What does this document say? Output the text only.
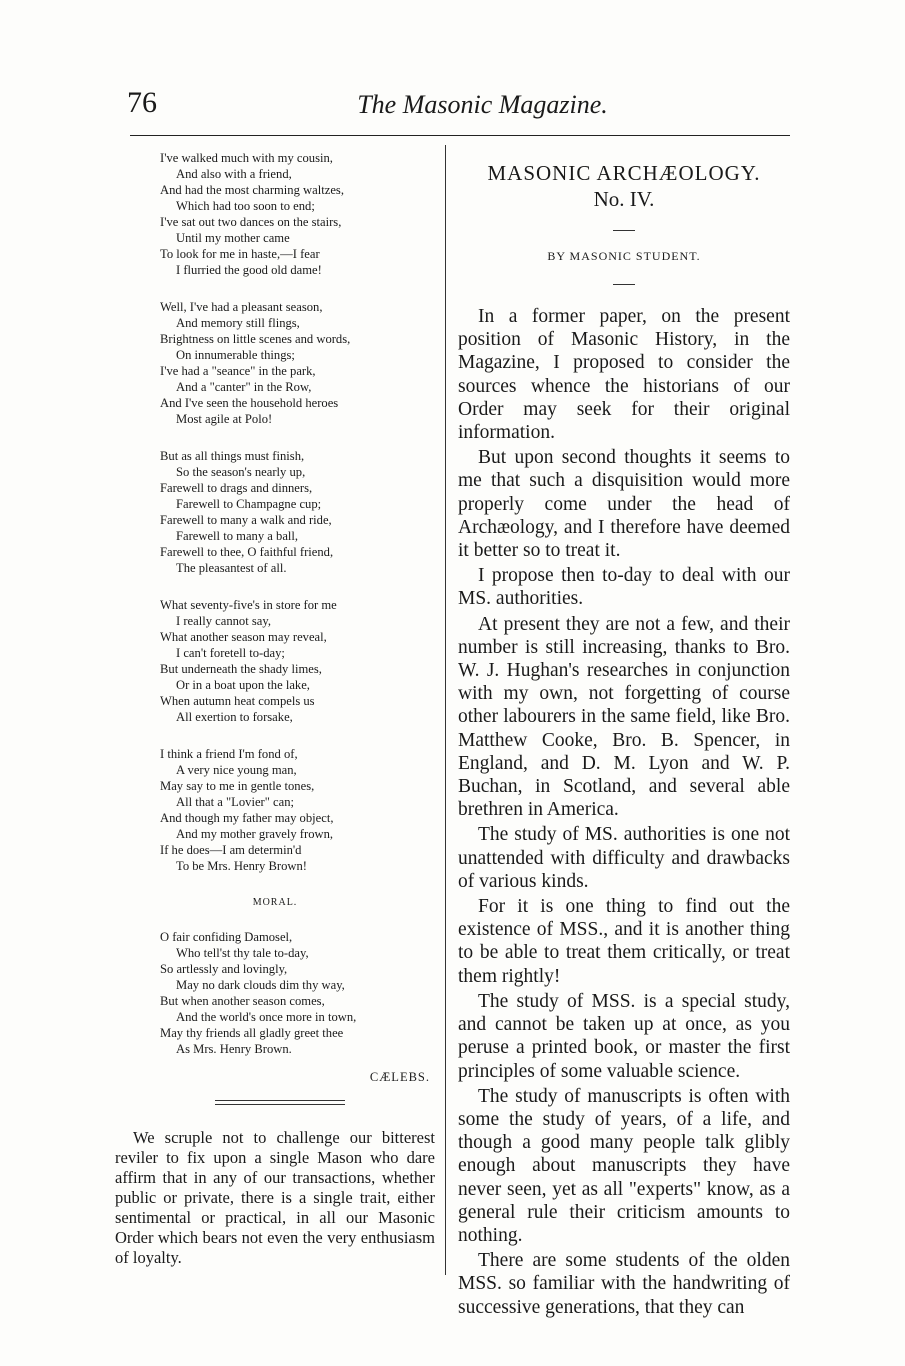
76	The Masonic Magazine.
I've walked much with my cousin,
And also with a friend,
And had the most charming waltzes,
Which had too soon to end;
I've sat out two dances on the stairs,
Until my mother came
To look for me in haste,—I fear
I flurried the good old dame!
Well, I've had a pleasant season,
And memory still flings,
Brightness on little scenes and words,
On innumerable things;
I've had a "seance" in the park,
And a "canter" in the Row,
And I've seen the household heroes
Most agile at Polo!
But as all things must finish,
So the season's nearly up,
Farewell to drags and dinners,
Farewell to Champagne cup;
Farewell to many a walk and ride,
Farewell to many a ball,
Farewell to thee, O faithful friend,
The pleasantest of all.
What seventy-five's in store for me
I really cannot say,
What another season may reveal,
I can't foretell to-day;
But underneath the shady limes,
Or in a boat upon the lake,
When autumn heat compels us
All exertion to forsake,
I think a friend I'm fond of,
A very nice young man,
May say to me in gentle tones,
All that a "Lovier" can;
And though my father may object,
And my mother gravely frown,
If he does—I am determin'd
To be Mrs. Henry Brown!
MORAL.
O fair confiding Damosel,
Who tell'st thy tale to-day,
So artlessly and lovingly,
May no dark clouds dim thy way,
But when another season comes,
And the world's once more in town,
May thy friends all gladly greet thee
As Mrs. Henry Brown.
CÆLEBS.

We scruple not to challenge our bitterest reviler to fix upon a single Mason who dare affirm that in any of our transactions, whether public or private, there is a single trait, either sentimental or practical, in all our Masonic Order which bears not even the very enthusiasm of loyalty.

MASONIC ARCHÆOLOGY.
No. IV.
BY MASONIC STUDENT.

In a former paper, on the present position of Masonic History, in the Magazine, I proposed to consider the sources whence the historians of our Order may seek for their original information.

But upon second thoughts it seems to me that such a disquisition would more properly come under the head of Archæology, and I therefore have deemed it better so to treat it.

I propose then to-day to deal with our MS. authorities.

At present they are not a few, and their number is still increasing, thanks to Bro. W. J. Hughan's researches in conjunction with my own, not forgetting of course other labourers in the same field, like Bro. Matthew Cooke, Bro. B. Spencer, in England, and D. M. Lyon and W. P. Buchan, in Scotland, and several able brethren in America.

The study of MS. authorities is one not unattended with difficulty and drawbacks of various kinds.

For it is one thing to find out the existence of MSS., and it is another thing to be able to treat them critically, or treat them rightly!

The study of MSS. is a special study, and cannot be taken up at once, as you peruse a printed book, or master the first principles of some valuable science.

The study of manuscripts is often with some the study of years, of a life, and though a good many people talk glibly enough about manuscripts they have never seen, yet as all "experts" know, as a general rule their criticism amounts to nothing.

There are some students of the olden MSS. so familiar with the handwriting of successive generations, that they can
